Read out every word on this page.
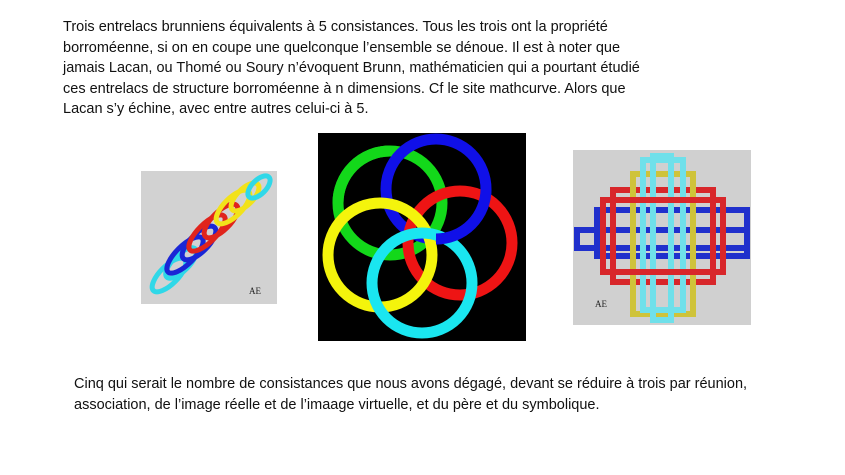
Trois entrelacs brunniens équivalents à 5 consistances. Tous les trois ont la propriété
borroméenne, si on en coupe une quelconque l’ensemble se dénoue. Il est à noter que
jamais Lacan, ou Thomé ou Soury n’évoquent Brunn, mathématicien qui a pourtant étudié
ces entrelacs de structure borroméenne à n dimensions. Cf le site mathcurve. Alors que
Lacan s’y échine, avec entre autres celui-ci à 5.
AE
AE
Cinq qui serait le nombre de consistances que nous avons dégagé, devant se réduire à trois par réunion,
association, de l’image réelle et de l’imaage virtuelle, et du père et du symbolique.
